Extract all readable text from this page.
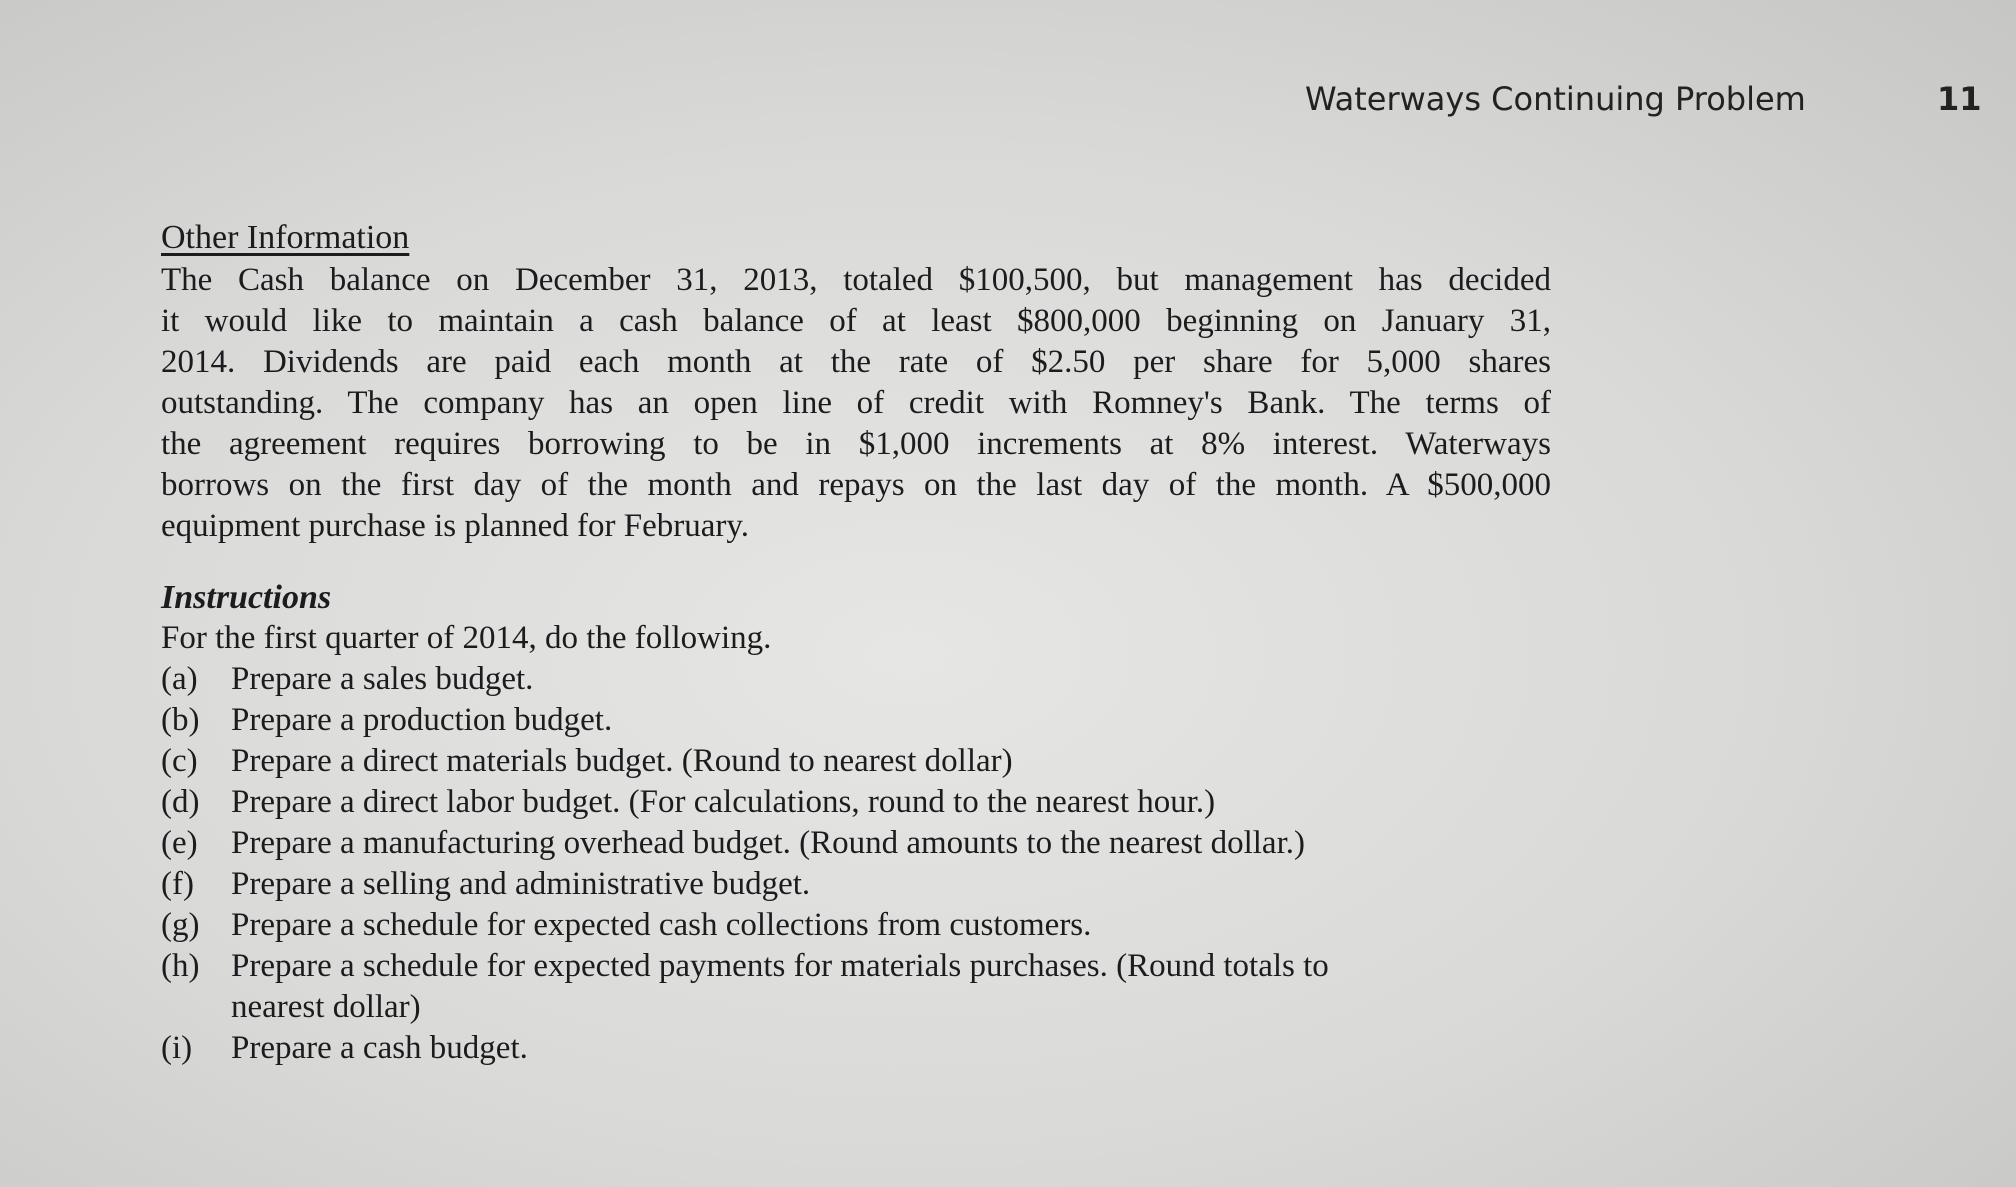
Waterways Continuing Problem	11
Other Information
The Cash balance on December 31, 2013, totaled $100,500, but management has decided
it would like to maintain a cash balance of at least $800,000 beginning on January 31,
2014. Dividends are paid each month at the rate of $2.50 per share for 5,000 shares
outstanding. The company has an open line of credit with Romney's Bank. The terms of
the agreement requires borrowing to be in $1,000 increments at 8% interest. Waterways
borrows on the first day of the month and repays on the last day of the month. A $500,000
equipment purchase is planned for February.
Instructions
For the first quarter of 2014, do the following.
(a)	Prepare a sales budget.
(b) Prepare a production budget.
(c)	Prepare a direct materials budget. (Round to nearest dollar)
(d) Prepare a direct labor budget. (For calculations, round to the nearest hour.)
(e)	Prepare a manufacturing overhead budget. (Round amounts to the nearest dollar.)
(f)	Prepare a selling and administrative budget.
(g) Prepare a schedule for expected cash collections from customers.
(h) Prepare a schedule for expected payments for materials purchases. (Round totals to
nearest dollar)
(i)	Prepare a cash budget.
